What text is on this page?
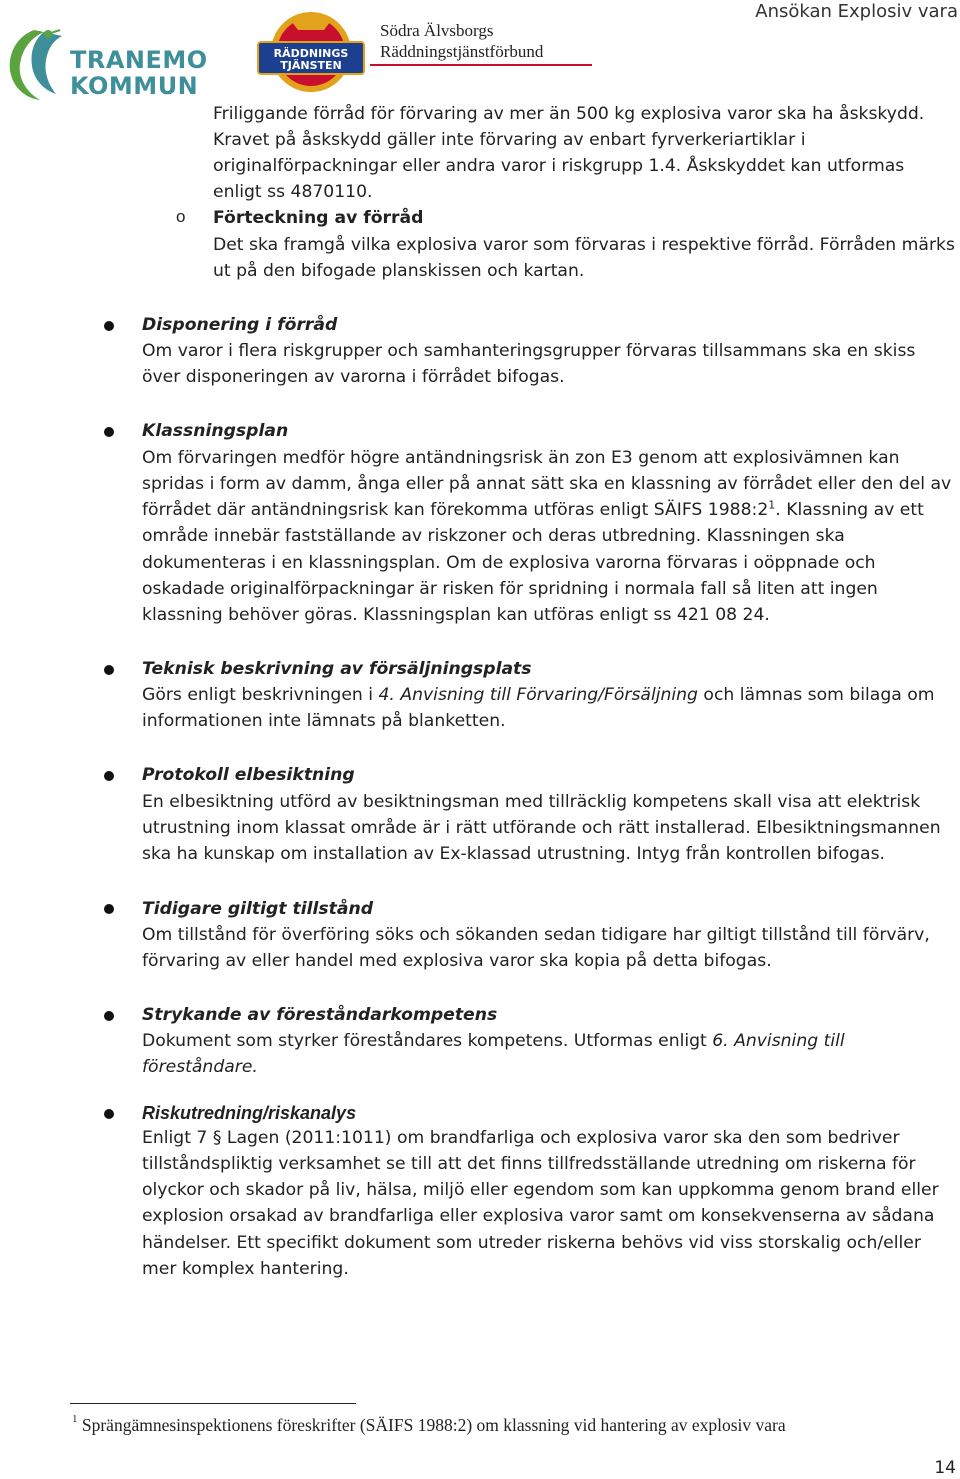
TRANEMO
KOMMUN
RÄDDNINGS
TJÄNSTEN
Södra Älvsborgs
Räddningstjänstförbund
Ansökan Explosiv vara
Friliggande förråd för förvaring av mer än 500 kg explosiva varor ska ha åskskydd.
Kravet på åskskydd gäller inte förvaring av enbart fyrverkeriartiklar i
originalförpackningar eller andra varor i riskgrupp 1.4. Åskskyddet kan utformas
enligt ss 4870110.
o Förteckning av förråd
Det ska framgå vilka explosiva varor som förvaras i respektive förråd. Förråden märks
ut på den bifogade planskissen och kartan.
Disponering i förråd
Om varor i flera riskgrupper och samhanteringsgrupper förvaras tillsammans ska en skiss
över disponeringen av varorna i förrådet bifogas.
Klassningsplan
Om förvaringen medför högre antändningsrisk än zon E3 genom att explosivämnen kan
spridas i form av damm, ånga eller på annat sätt ska en klassning av förrådet eller den del av
förrådet där antändningsrisk kan förekomma utföras enligt SÄIFS $1988:2^1$. Klassning av ett
område innebär fastställande av riskzoner och deras utbredning. Klassningen ska
dokumenteras i en klassningsplan. Om de explosiva varorna förvaras i oöppnade och
oskadade originalförpackningar är risken för spridning i normala fall så liten att ingen
klassning behöver göras. Klassningsplan kan utföras enligt ss 421 08 24.
Teknisk beskrivning av försäljningsplats
Görs enligt beskrivningen i 4. Anvisning till Förvaring/Försäljning och lämnas som bilaga om
informationen inte lämnats på blanketten.
Protokoll elbesiktning
En elbesiktning utförd av besiktningsman med tillräcklig kompetens skall visa att elektrisk
utrustning inom klassat område är i rätt utförande och rätt installerad. Elbesiktningsmannen
ska ha kunskap om installation av Ex-klassad utrustning. Intyg från kontrollen bifogas.
Tidigare giltigt tillstånd
Om tillstånd för överföring söks och sökanden sedan tidigare har giltigt tillstånd till förvärv,
förvaring av eller handel med explosiva varor ska kopia på detta bifogas.
Strykande av föreståndarkompetens
Dokument som styrker föreståndares kompetens. Utformas enligt 6. Anvisning till
föreståndare.
Riskutredning/riskanalys
Enligt 7 § Lagen (2011:1011) om brandfarliga och explosiva varor ska den som bedriver
tillståndspliktig verksamhet se till att det finns tillfredsställande utredning om riskerna för
olyckor och skador på liv, hälsa, miljö eller egendom som kan uppkomma genom brand eller
explosion orsakad av brandfarliga eller explosiva varor samt om konsekvenserna av sådana
händelser. Ett specifikt dokument som utreder riskerna behövs vid viss storskalig och/eller
mer komplex hantering.
$^1$ Sprängämnesinspektionens föreskrifter (SÄIFS 1988:2) om klassning vid hantering av explosiv vara
14
